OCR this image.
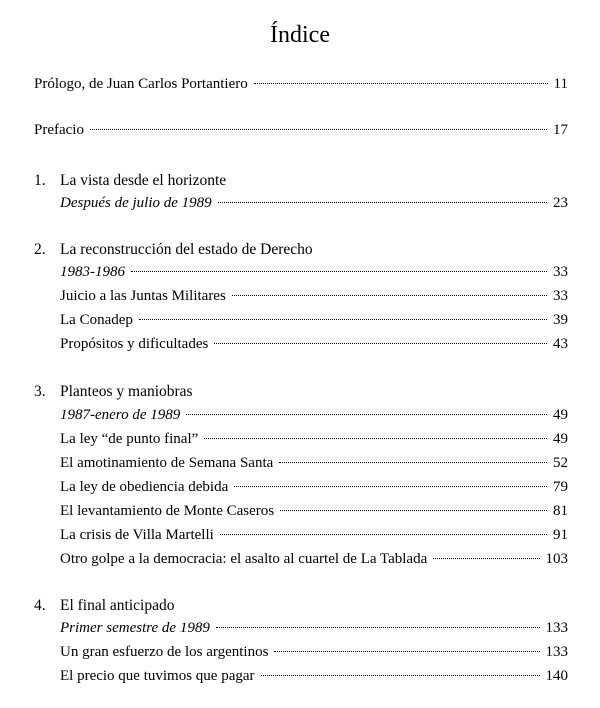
Índice
Prólogo, de Juan Carlos Portantiero	11
Prefacio	17
1. La vista desde el horizonte
Después de julio de 1989	23
2. La reconstrucción del estado de Derecho
1983-1986	33
Juicio a las Juntas Militares	33
La Conadep	39
Propósitos y dificultades	43
3. Planteos y maniobras
1987-enero de 1989	49
La ley “de punto final”	49
El amotinamiento de Semana Santa	52
La ley de obediencia debida	79
El levantamiento de Monte Caseros	81
La crisis de Villa Martelli	91
Otro golpe a la democracia: el asalto al cuartel de La Tablada	103
4. El final anticipado
Primer semestre de 1989	133
Un gran esfuerzo de los argentinos	133
El precio que tuvimos que pagar	140
